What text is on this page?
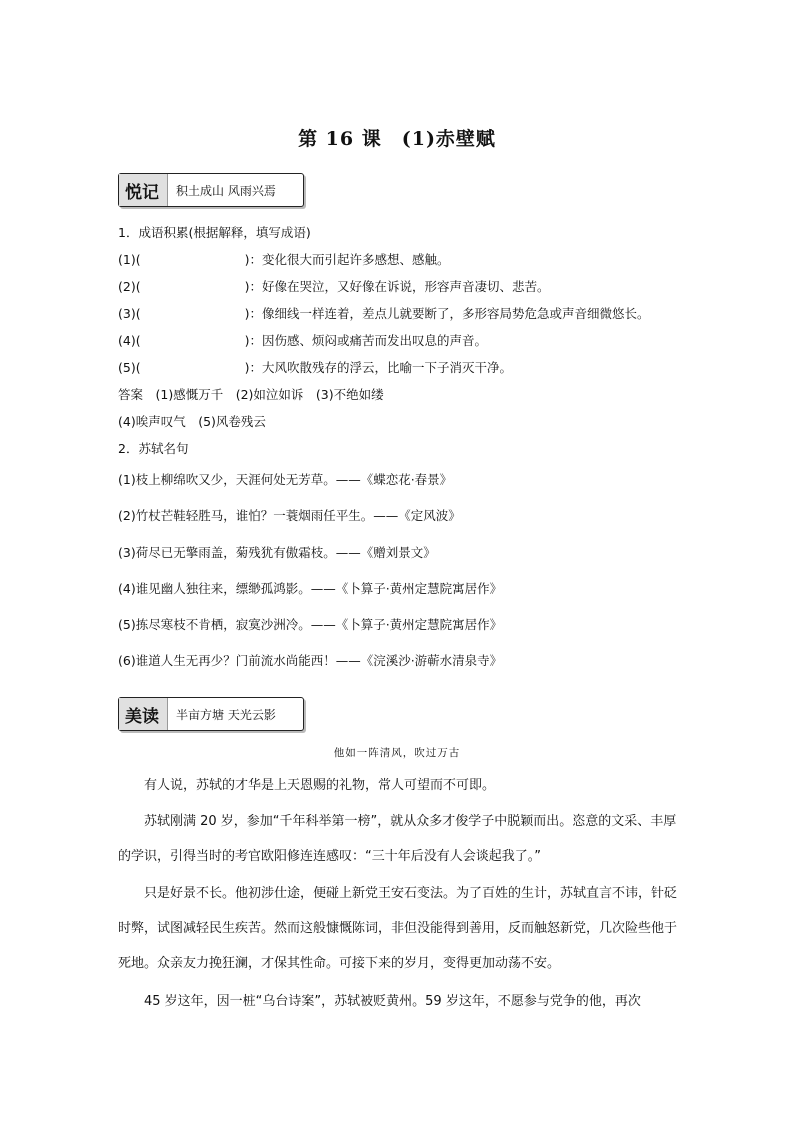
第 16 课　(1)赤壁赋
悦记	积土成山 风雨兴焉
1．成语积累(根据解释，填写成语)
(1)(	)：变化很大而引起许多感想、感触。
(2)(	)：好像在哭泣，又好像在诉说，形容声音凄切、悲苦。
(3)(	)：像细线一样连着，差点儿就要断了，多形容局势危急或声音细微悠长。
(4)(	)：因伤感、烦闷或痛苦而发出叹息的声音。
(5)(	)：大风吹散残存的浮云，比喻一下子消灭干净。
答案　(1)感慨万千　(2)如泣如诉　(3)不绝如缕
(4)唉声叹气　(5)风卷残云
2．苏轼名句
(1)枝上柳绵吹又少，天涯何处无芳草。——《蝶恋花·春景》
(2)竹杖芒鞋轻胜马，谁怕？一蓑烟雨任平生。——《定风波》
(3)荷尽已无擎雨盖，菊残犹有傲霜枝。——《赠刘景文》
(4)谁见幽人独往来，缥缈孤鸿影。——《卜算子·黄州定慧院寓居作》
(5)拣尽寒枝不肯栖，寂寞沙洲冷。——《卜算子·黄州定慧院寓居作》
(6)谁道人生无再少？门前流水尚能西！——《浣溪沙·游蕲水清泉寺》
美读	半亩方塘 天光云影
他如一阵清风，吹过万古

有人说，苏轼的才华是上天恩赐的礼物，常人可望而不可即。

苏轼刚满 20 岁，参加“千年科举第一榜”，就从众多才俊学子中脱颖而出。恣意的文采、丰厚的学识，引得当时的考官欧阳修连连感叹：“三十年后没有人会谈起我了。”

只是好景不长。他初涉仕途，便碰上新党王安石变法。为了百姓的生计，苏轼直言不讳，针砭时弊，试图减轻民生疾苦。然而这般慷慨陈词，非但没能得到善用，反而触怒新党，几次险些他于死地。众亲友力挽狂澜，才保其性命。可接下来的岁月，变得更加动荡不安。

45 岁这年，因一桩“乌台诗案”，苏轼被贬黄州。59 岁这年，不愿参与党争的他，再次
